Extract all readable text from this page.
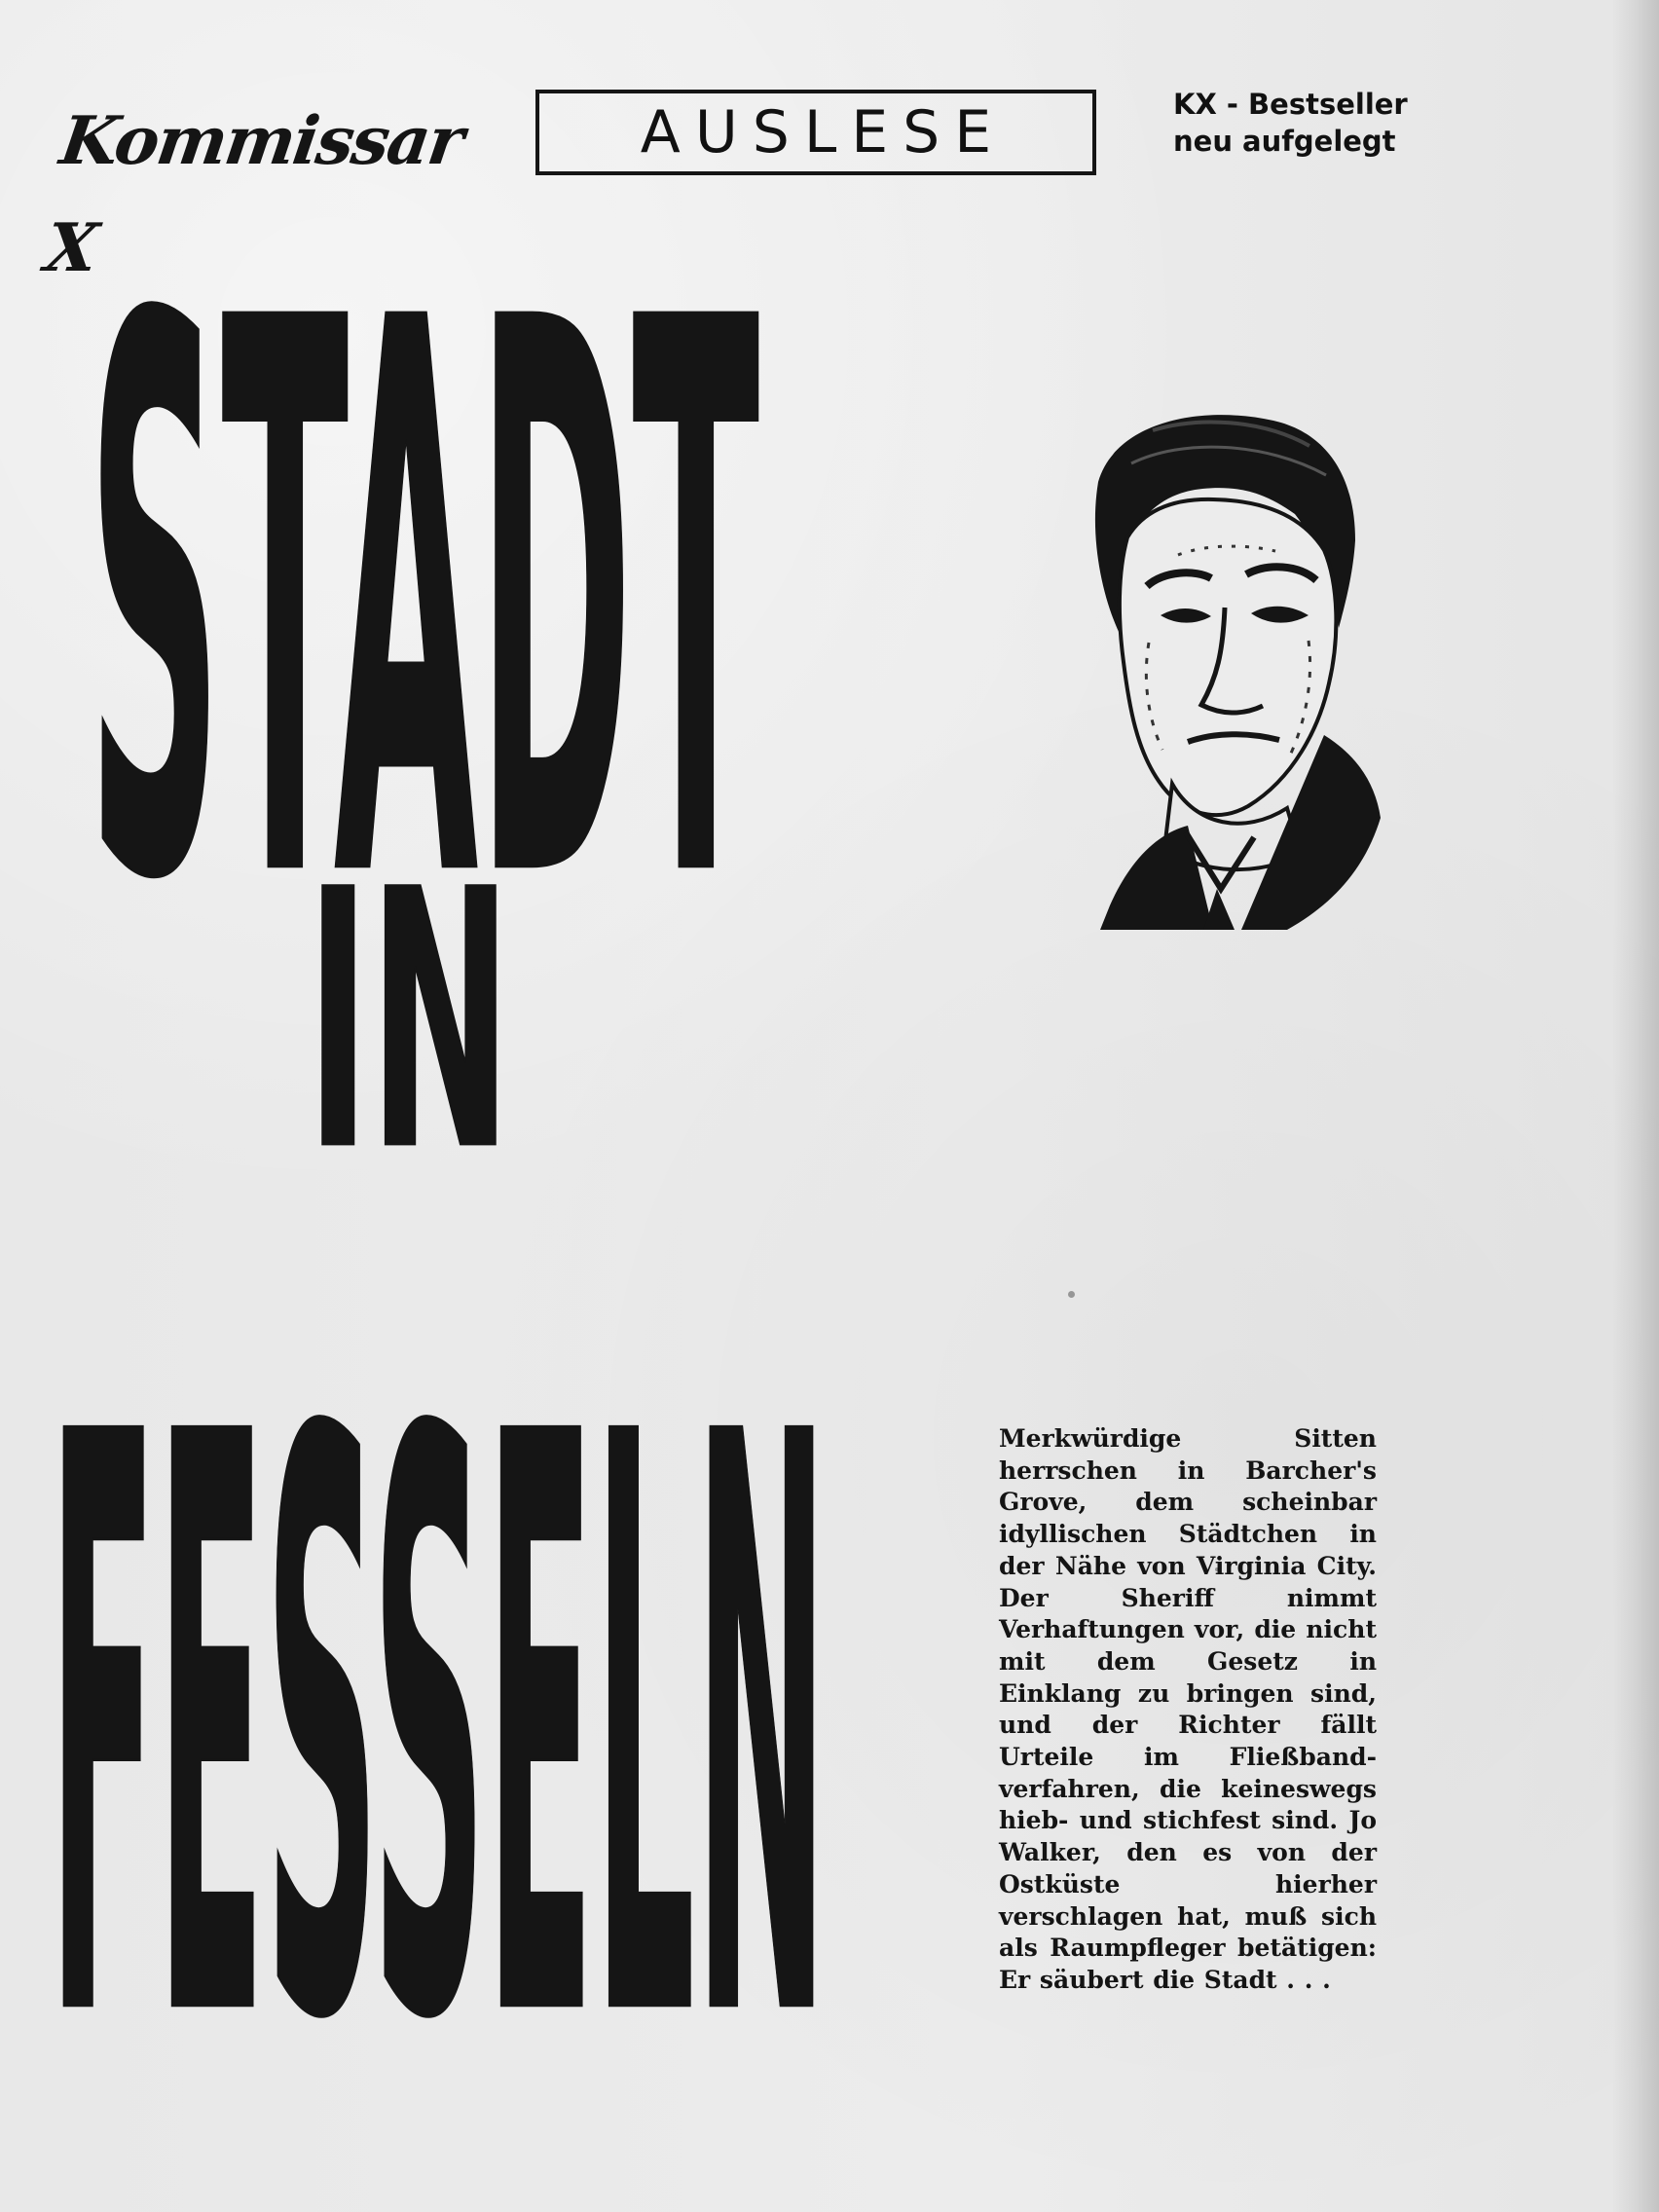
Kommissar X
AUSLESE	KX - Bestseller
neu aufgelegt
STADT
IN
FESSELN	Merkwürdige Sitten herrschen in Barcher's Grove, dem scheinbar idyllischen Städtchen in der Nähe von Virginia City. Der Sheriff nimmt Verhaftungen vor, die nicht mit dem Gesetz in Einklang zu bringen sind, und der Richter fällt Urteile im Fließbandverfahren, die keineswegs hieb- und stichfest sind. Jo Walker, den es von der Ostküste hierher verschlagen hat, muß sich als Raumpfleger betätigen: Er säubert die Stadt . . .
